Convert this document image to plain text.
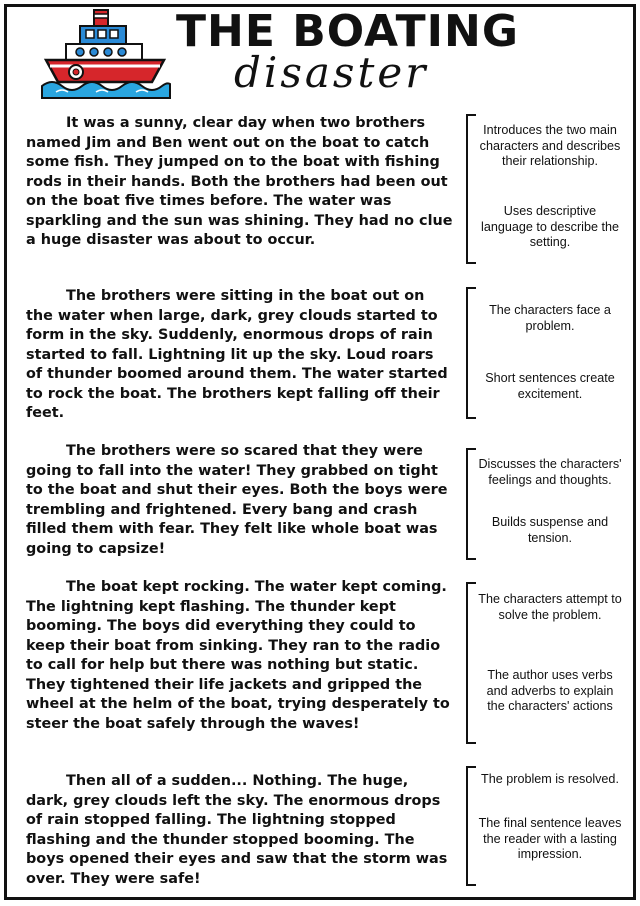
THE BOATING
disaster

It was a sunny, clear day when two brothers named Jim and Ben went out on the boat to catch some fish. They jumped on to the boat with fishing rods in their hands. Both the brothers had been out on the boat five times before. The water was sparkling and the sun was shining. They had no clue a huge disaster was about to occur.

Introduces the two main characters and describes their relationship.

Uses descriptive language to describe the setting.

The brothers were sitting in the boat out on the water when large, dark, grey clouds started to form in the sky. Suddenly, enormous drops of rain started to fall. Lightning lit up the sky. Loud roars of thunder boomed around them. The water started to rock the boat. The brothers kept falling off their feet.

The characters face a problem.

Short sentences create excitement.

The brothers were so scared that they were going to fall into the water! They grabbed on tight to the boat and shut their eyes. Both the boys were trembling and frightened. Every bang and crash filled them with fear. They felt like whole boat was going to capsize!

Discusses the characters' feelings and thoughts.

Builds suspense and tension.

The boat kept rocking. The water kept coming. The lightning kept flashing. The thunder kept booming. The boys did everything they could to keep their boat from sinking. They ran to the radio to call for help but there was nothing but static. They tightened their life jackets and gripped the wheel at the helm of the boat, trying desperately to steer the boat safely through the waves!

The characters attempt to solve the problem.

The author uses verbs and adverbs to explain the characters' actions

Then all of a sudden... Nothing. The huge, dark, grey clouds left the sky. The enormous drops of rain stopped falling. The lightning stopped flashing and the thunder stopped booming. The boys opened their eyes and saw that the storm was over. They were safe!

The problem is resolved.

The final sentence leaves the reader with a lasting impression.
